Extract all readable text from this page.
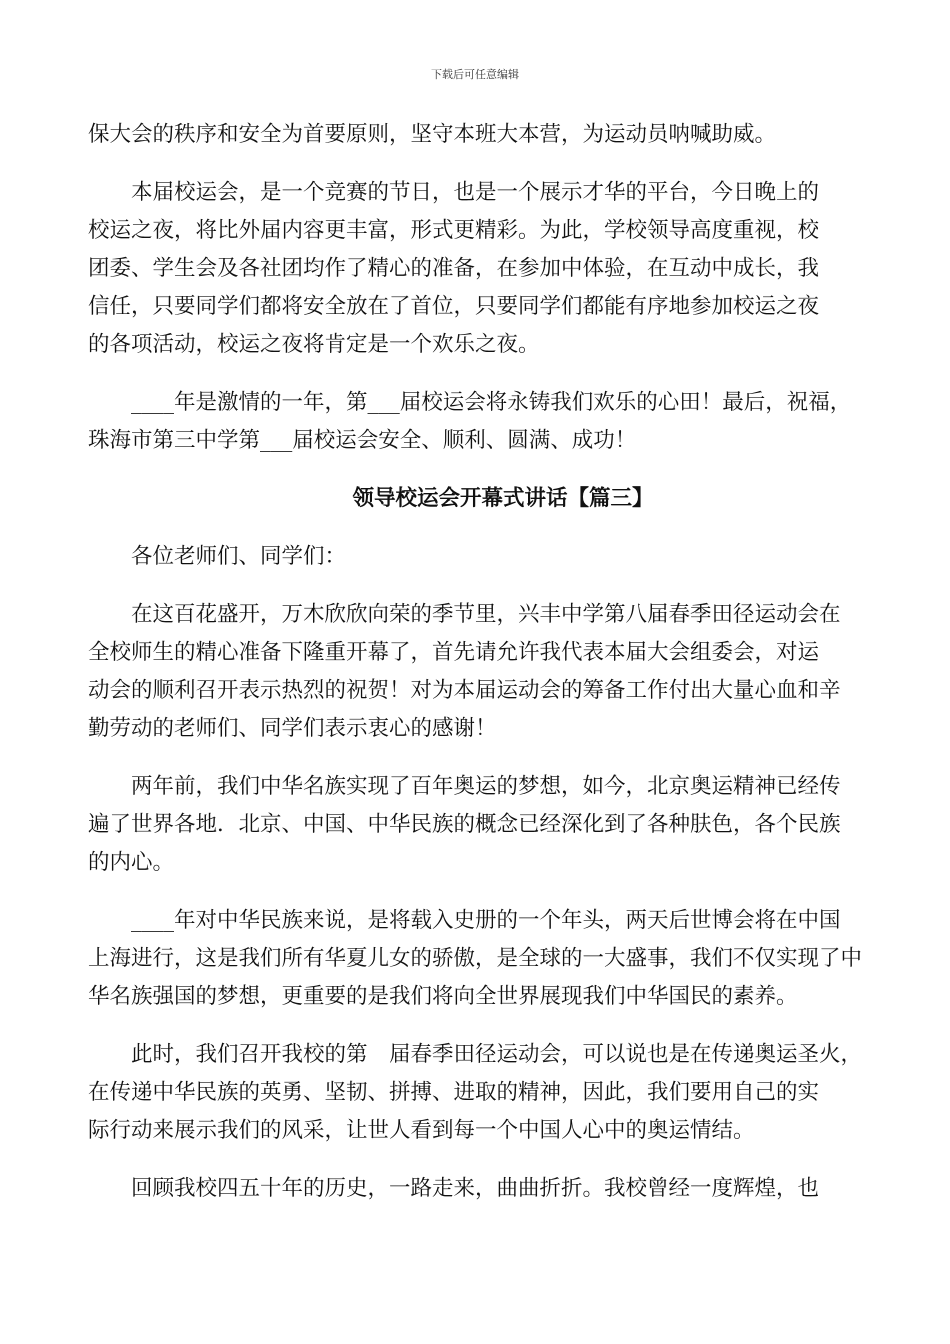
下载后可任意编辑

保大会的秩序和安全为首要原则，坚守本班大本营，为运动员呐喊助威。

　　本届校运会，是一个竞赛的节日，也是一个展示才华的平台，今日晚上的
校运之夜，将比外届内容更丰富，形式更精彩。为此，学校领导高度重视，校
团委、学生会及各社团均作了精心的准备，在参加中体验，在互动中成长，我
信任，只要同学们都将安全放在了首位，只要同学们都能有序地参加校运之夜
的各项活动，校运之夜将肯定是一个欢乐之夜。

　　____年是激情的一年，第___届校运会将永铸我们欢乐的心田！最后，祝福，
珠海市第三中学第___届校运会安全、顺利、圆满、成功！

领导校运会开幕式讲话【篇三】

　　各位老师们、同学们：

　　在这百花盛开，万木欣欣向荣的季节里，兴丰中学第八届春季田径运动会在
全校师生的精心准备下隆重开幕了，首先请允许我代表本届大会组委会，对运
动会的顺利召开表示热烈的祝贺！对为本届运动会的筹备工作付出大量心血和辛
勤劳动的老师们、同学们表示衷心的感谢！

　　两年前，我们中华名族实现了百年奥运的梦想，如今，北京奥运精神已经传
遍了世界各地．北京、中国、中华民族的概念已经深化到了各种肤色，各个民族
的内心。

　　____年对中华民族来说，是将载入史册的一个年头，两天后世博会将在中国
上海进行，这是我们所有华夏儿女的骄傲，是全球的一大盛事，我们不仅实现了中
华名族强国的梦想，更重要的是我们将向全世界展现我们中华国民的素养。

　　此时，我们召开我校的第　届春季田径运动会，可以说也是在传递奥运圣火，
在传递中华民族的英勇、坚韧、拼搏、进取的精神，因此，我们要用自己的实
际行动来展示我们的风采，让世人看到每一个中国人心中的奥运情结。

　　回顾我校四五十年的历史，一路走来，曲曲折折。我校曾经一度辉煌，也
